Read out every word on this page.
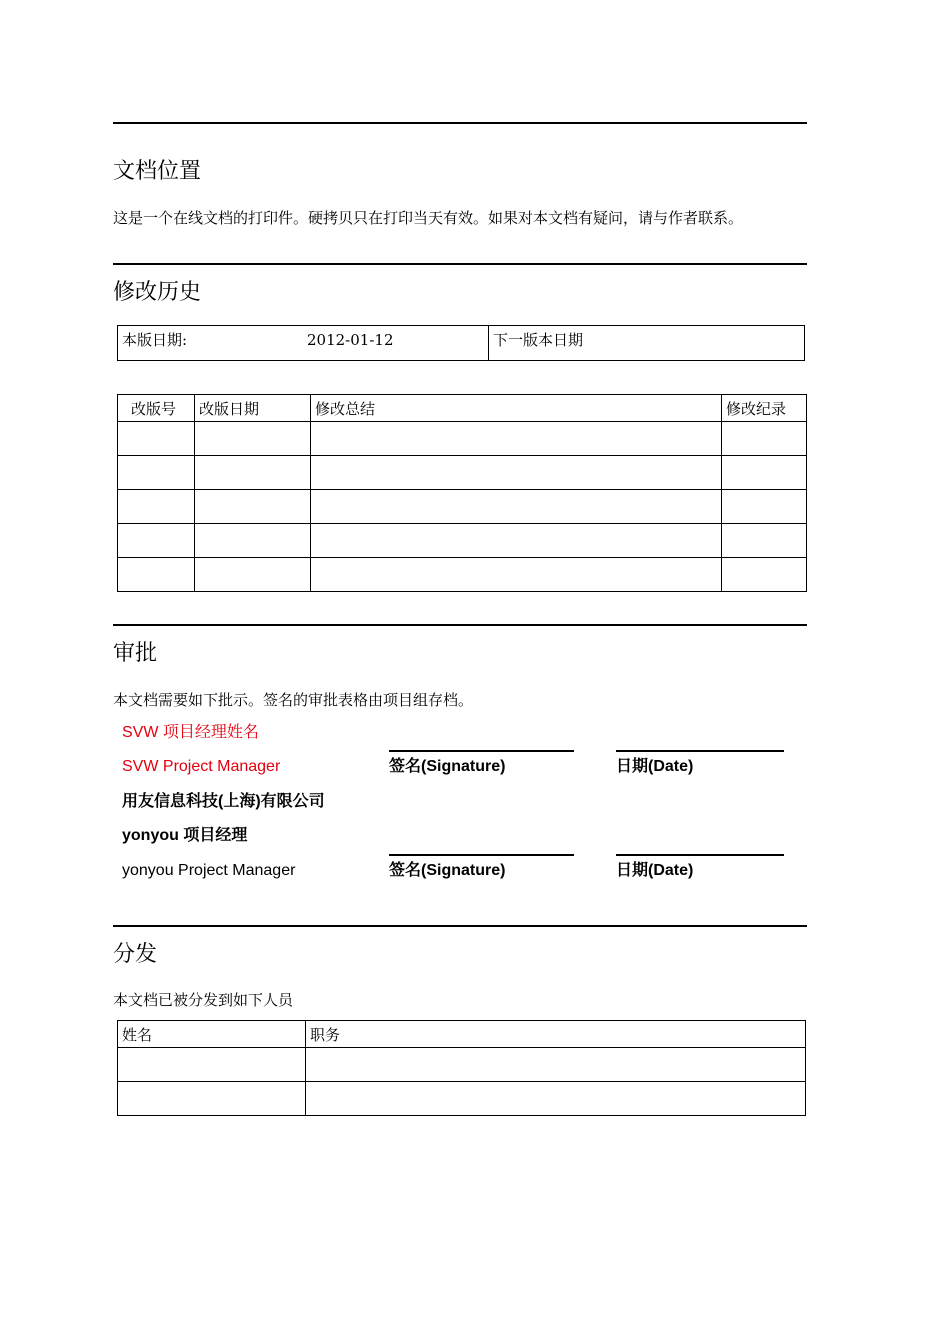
文档位置
这是一个在线文档的打印件。硬拷贝只在打印当天有效。如果对本文档有疑问，请与作者联系。
修改历史
本版日期:	2012-01-12	下一版本日期
改版号	改版日期	修改总结	修改纪录

审批
本文档需要如下批示。签名的审批表格由项目组存档。
SVW 项目经理姓名
SVW Project Manager	签名(Signature)	日期(Date)
用友信息科技(上海)有限公司
yonyou 项目经理
yonyou Project Manager	签名(Signature)	日期(Date)
分发
本文档已被分发到如下人员
姓名	职务
